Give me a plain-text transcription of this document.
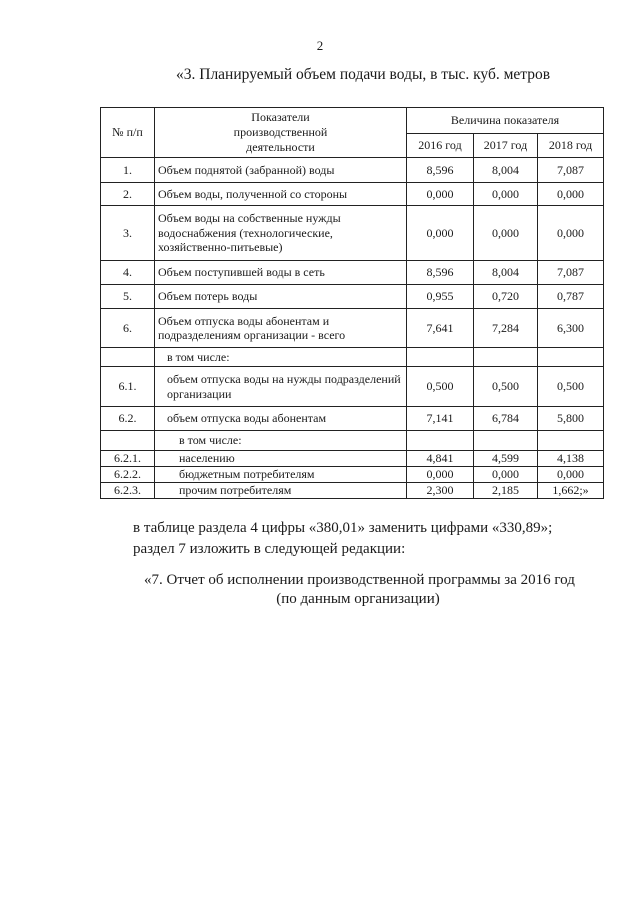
2
«3. Планируемый объем подачи воды, в тыс. куб. метров
№ п/п	Показатели производственной деятельности	Величина показателя		
		2016 год	2017 год	2018 год
1.	Объем поднятой (забранной) воды	8,596	8,004	7,087
2.	Объем воды, полученной со стороны	0,000	0,000	0,000
3.	Объем воды на собственные нужды водоснабжения (технологические, хозяйственно-питьевые)	0,000	0,000	0,000
4.	Объем поступившей воды в сеть	8,596	8,004	7,087
5.	Объем потерь воды	0,955	0,720	0,787
6.	Объем отпуска воды абонентам и подразделениям организации - всего	7,641	7,284	6,300
	в том числе:			
6.1.	объем отпуска воды на нужды подразделений организации	0,500	0,500	0,500
6.2.	объем отпуска воды абонентам	7,141	6,784	5,800
	в том числе:			
6.2.1.	населению	4,841	4,599	4,138
6.2.2.	бюджетным потребителям	0,000	0,000	0,000
6.2.3.	прочим потребителям	2,300	2,185	1,662;»
в таблице раздела 4 цифры «380,01» заменить цифрами «330,89»;
раздел 7 изложить в следующей редакции:
«7. Отчет об исполнении производственной программы за 2016 год
(по данным организации)
